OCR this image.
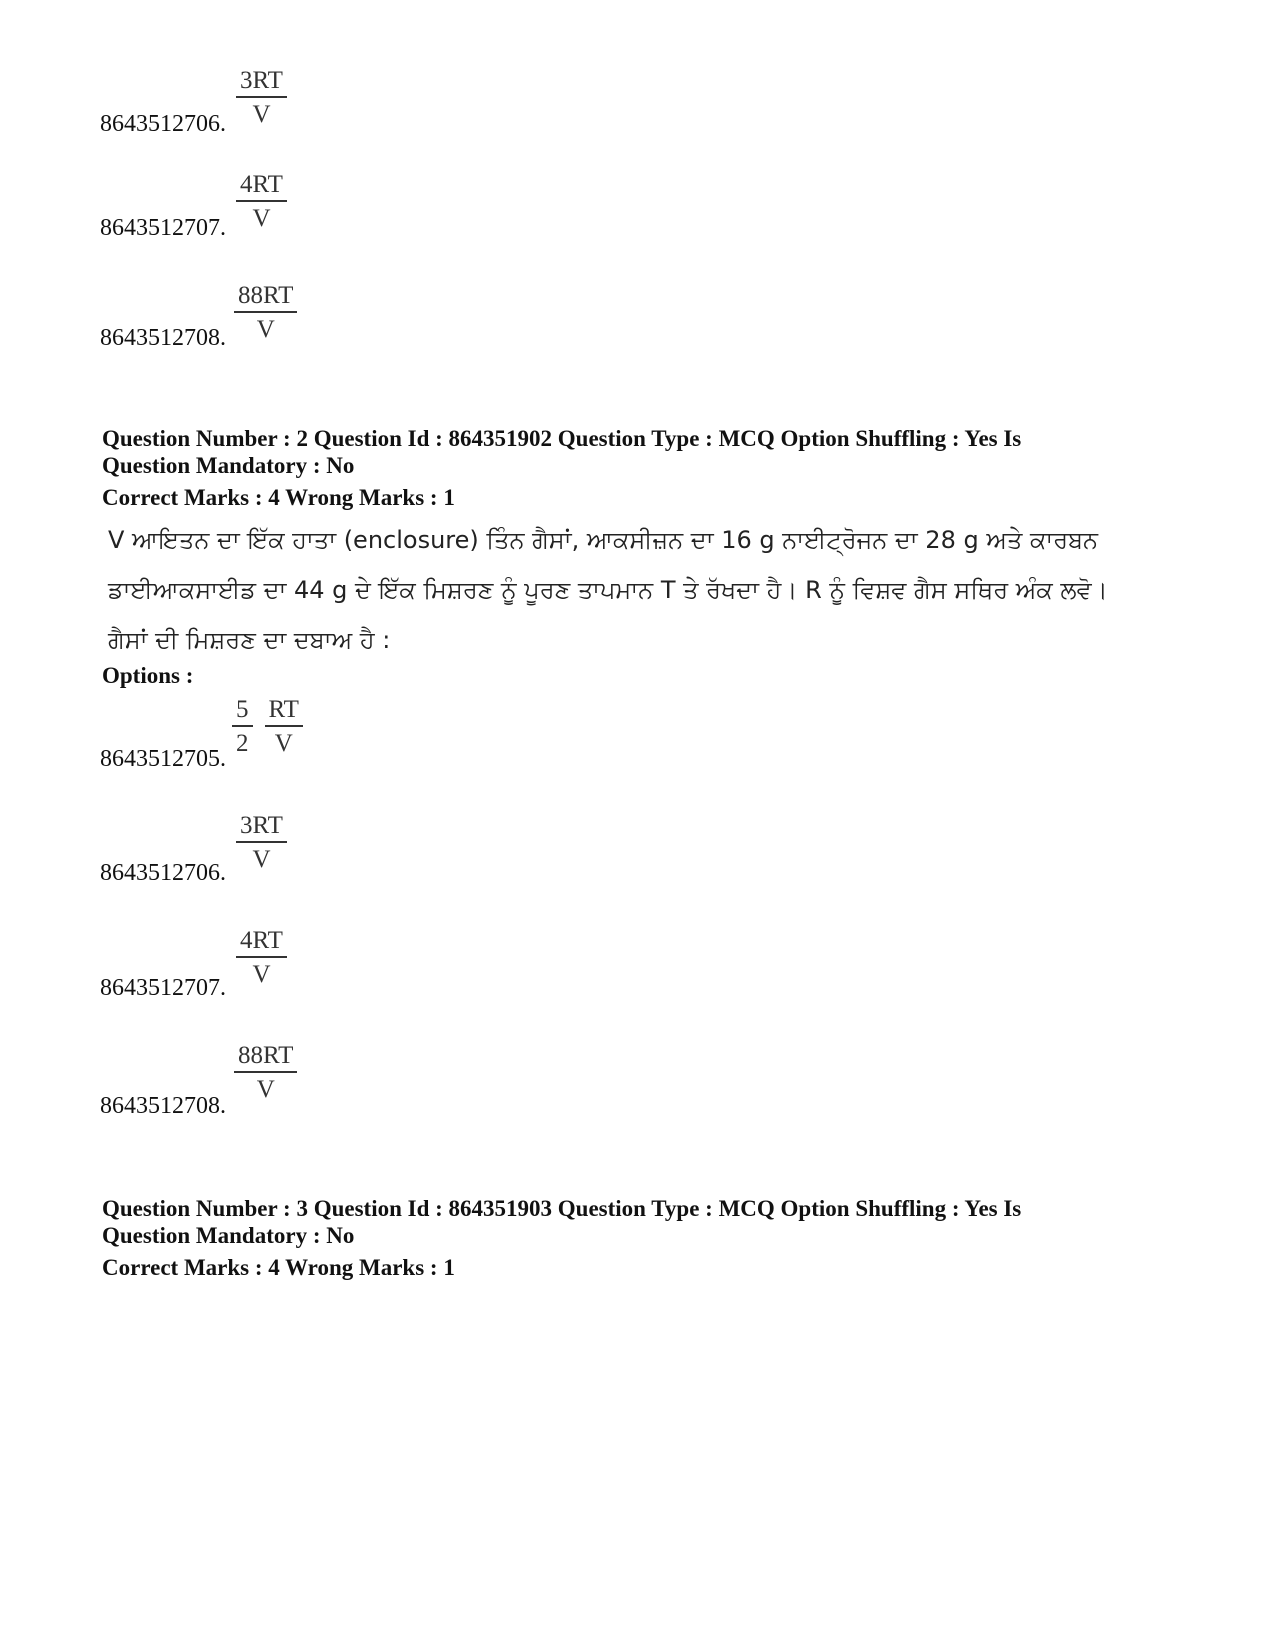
$\frac{3RT}{V}$
8643512706.
$\frac{4RT}{V}$
8643512707.
$\frac{88RT}{V}$
8643512708.
Question Number : 2 Question Id : 864351902 Question Type : MCQ Option Shuffling : Yes Is
Question Mandatory : No
Correct Marks : 4 Wrong Marks : 1
V ਆਇਤਨ ਦਾ ਇੱਕ ਹਾਤਾ (enclosure) ਤਿੰਨ ਗੈਸਾਂ, ਆਕਸੀਜ਼ਨ ਦਾ 16 g ਨਾਈਟ੍ਰੋਜਨ ਦਾ 28 g ਅਤੇ ਕਾਰਬਨ
ਡਾਈਆਕਸਾਈਡ ਦਾ 44 g ਦੇ ਇੱਕ ਮਿਸ਼ਰਣ ਨੂੰ ਪੂਰਣ ਤਾਪਮਾਨ T ਤੇ ਰੱਖਦਾ ਹੈ। R ਨੂੰ ਵਿਸ਼ਵ ਗੈਸ ਸਥਿਰ ਅੰਕ ਲਵੋ।
ਗੈਸਾਂ ਦੀ ਮਿਸ਼ਰਣ ਦਾ ਦਬਾਅ ਹੈ :
Options :
$\frac{5}{2} \frac{RT}{V}$
8643512705.
$\frac{3RT}{V}$
8643512706.
$\frac{4RT}{V}$
8643512707.
$\frac{88RT}{V}$
8643512708.
Question Number : 3 Question Id : 864351903 Question Type : MCQ Option Shuffling : Yes Is
Question Mandatory : No
Correct Marks : 4 Wrong Marks : 1
